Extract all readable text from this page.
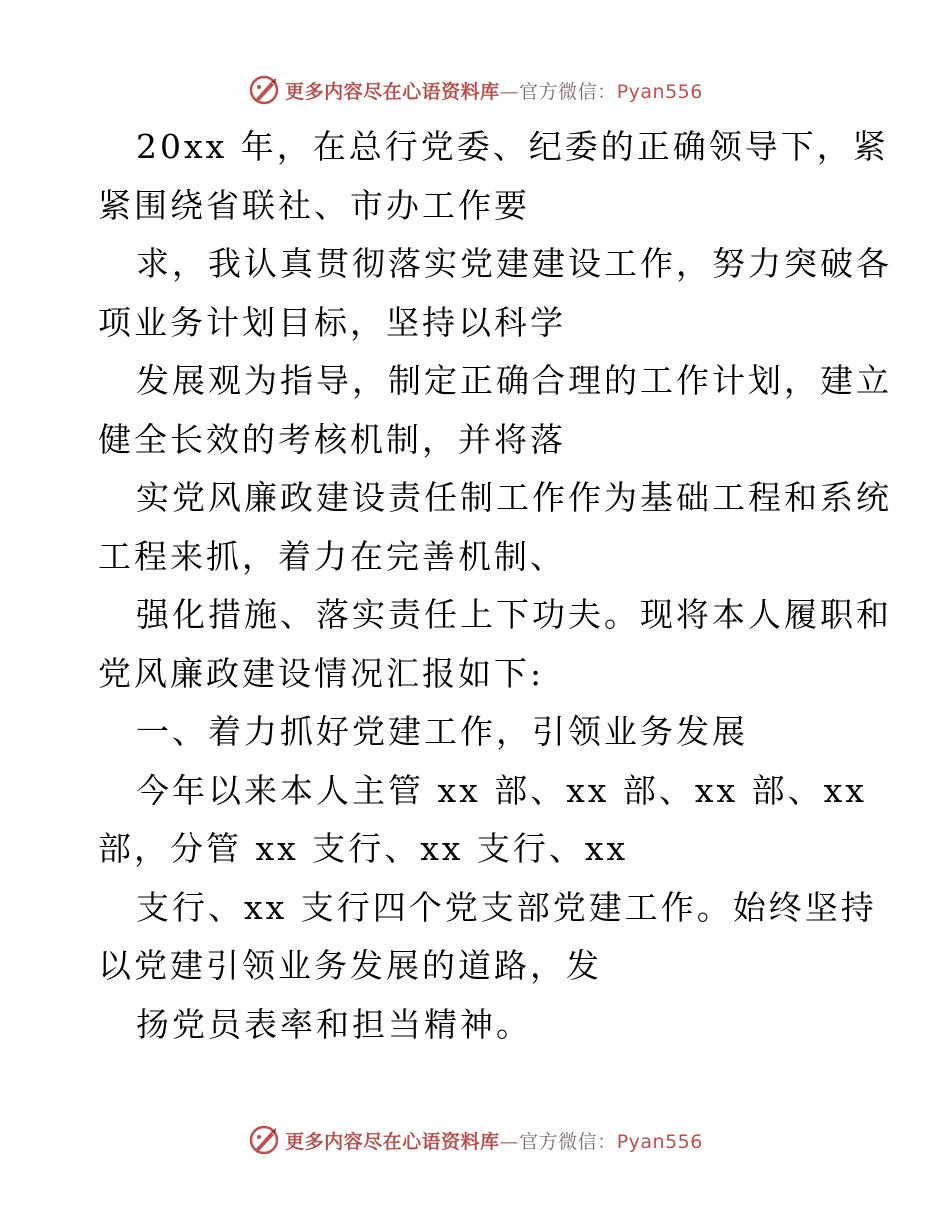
更多内容尽在心语资料库—官方微信：Pyan556
20xx 年，在总行党委、纪委的正确领导下，紧
紧围绕省联社、市办工作要
求，我认真贯彻落实党建建设工作，努力突破各
项业务计划目标，坚持以科学
发展观为指导，制定正确合理的工作计划，建立
健全长效的考核机制，并将落
实党风廉政建设责任制工作作为基础工程和系统
工程来抓，着力在完善机制、
强化措施、落实责任上下功夫。现将本人履职和
党风廉政建设情况汇报如下:
一、着力抓好党建工作，引领业务发展
今年以来本人主管 xx 部、xx 部、xx 部、xx
部，分管 xx 支行、xx 支行、xx
支行、xx 支行四个党支部党建工作。始终坚持
以党建引领业务发展的道路，发
扬党员表率和担当精神。
更多内容尽在心语资料库—官方微信：Pyan556
